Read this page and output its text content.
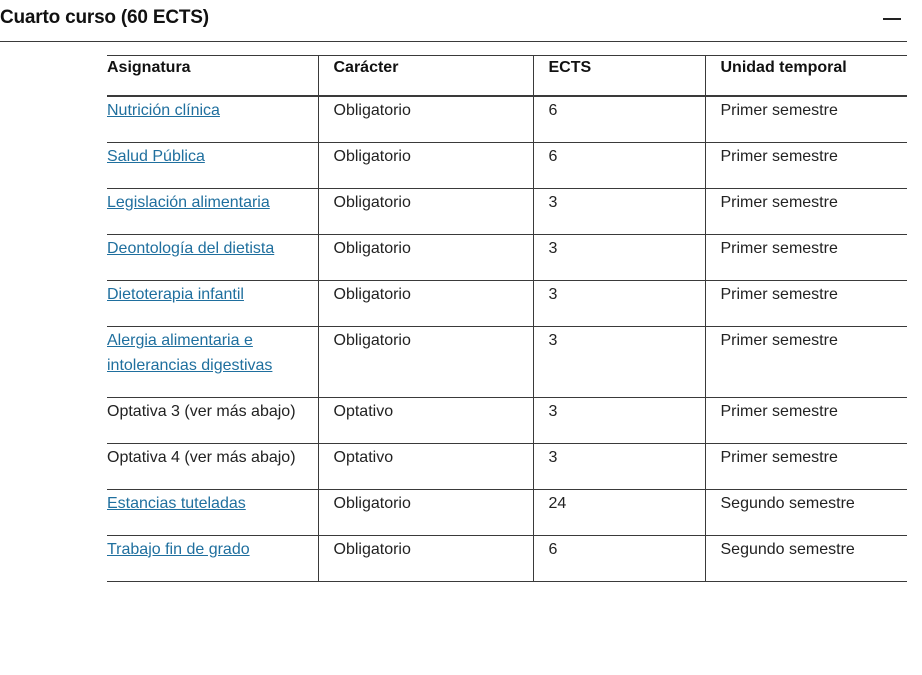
Cuarto curso (60 ECTS)
Asignatura	Carácter	ECTS	Unidad temporal
Nutrición clínica	Obligatorio	6	Primer semestre
Salud Pública	Obligatorio	6	Primer semestre
Legislación alimentaria	Obligatorio	3	Primer semestre
Deontología del dietista	Obligatorio	3	Primer semestre
Dietoterapia infantil	Obligatorio	3	Primer semestre
Alergia alimentaria e intolerancias digestivas	Obligatorio	3	Primer semestre
Optativa 3 (ver más abajo)	Optativo	3	Primer semestre
Optativa 4 (ver más abajo)	Optativo	3	Primer semestre
Estancias tuteladas	Obligatorio	24	Segundo semestre
Trabajo fin de grado	Obligatorio	6	Segundo semestre
